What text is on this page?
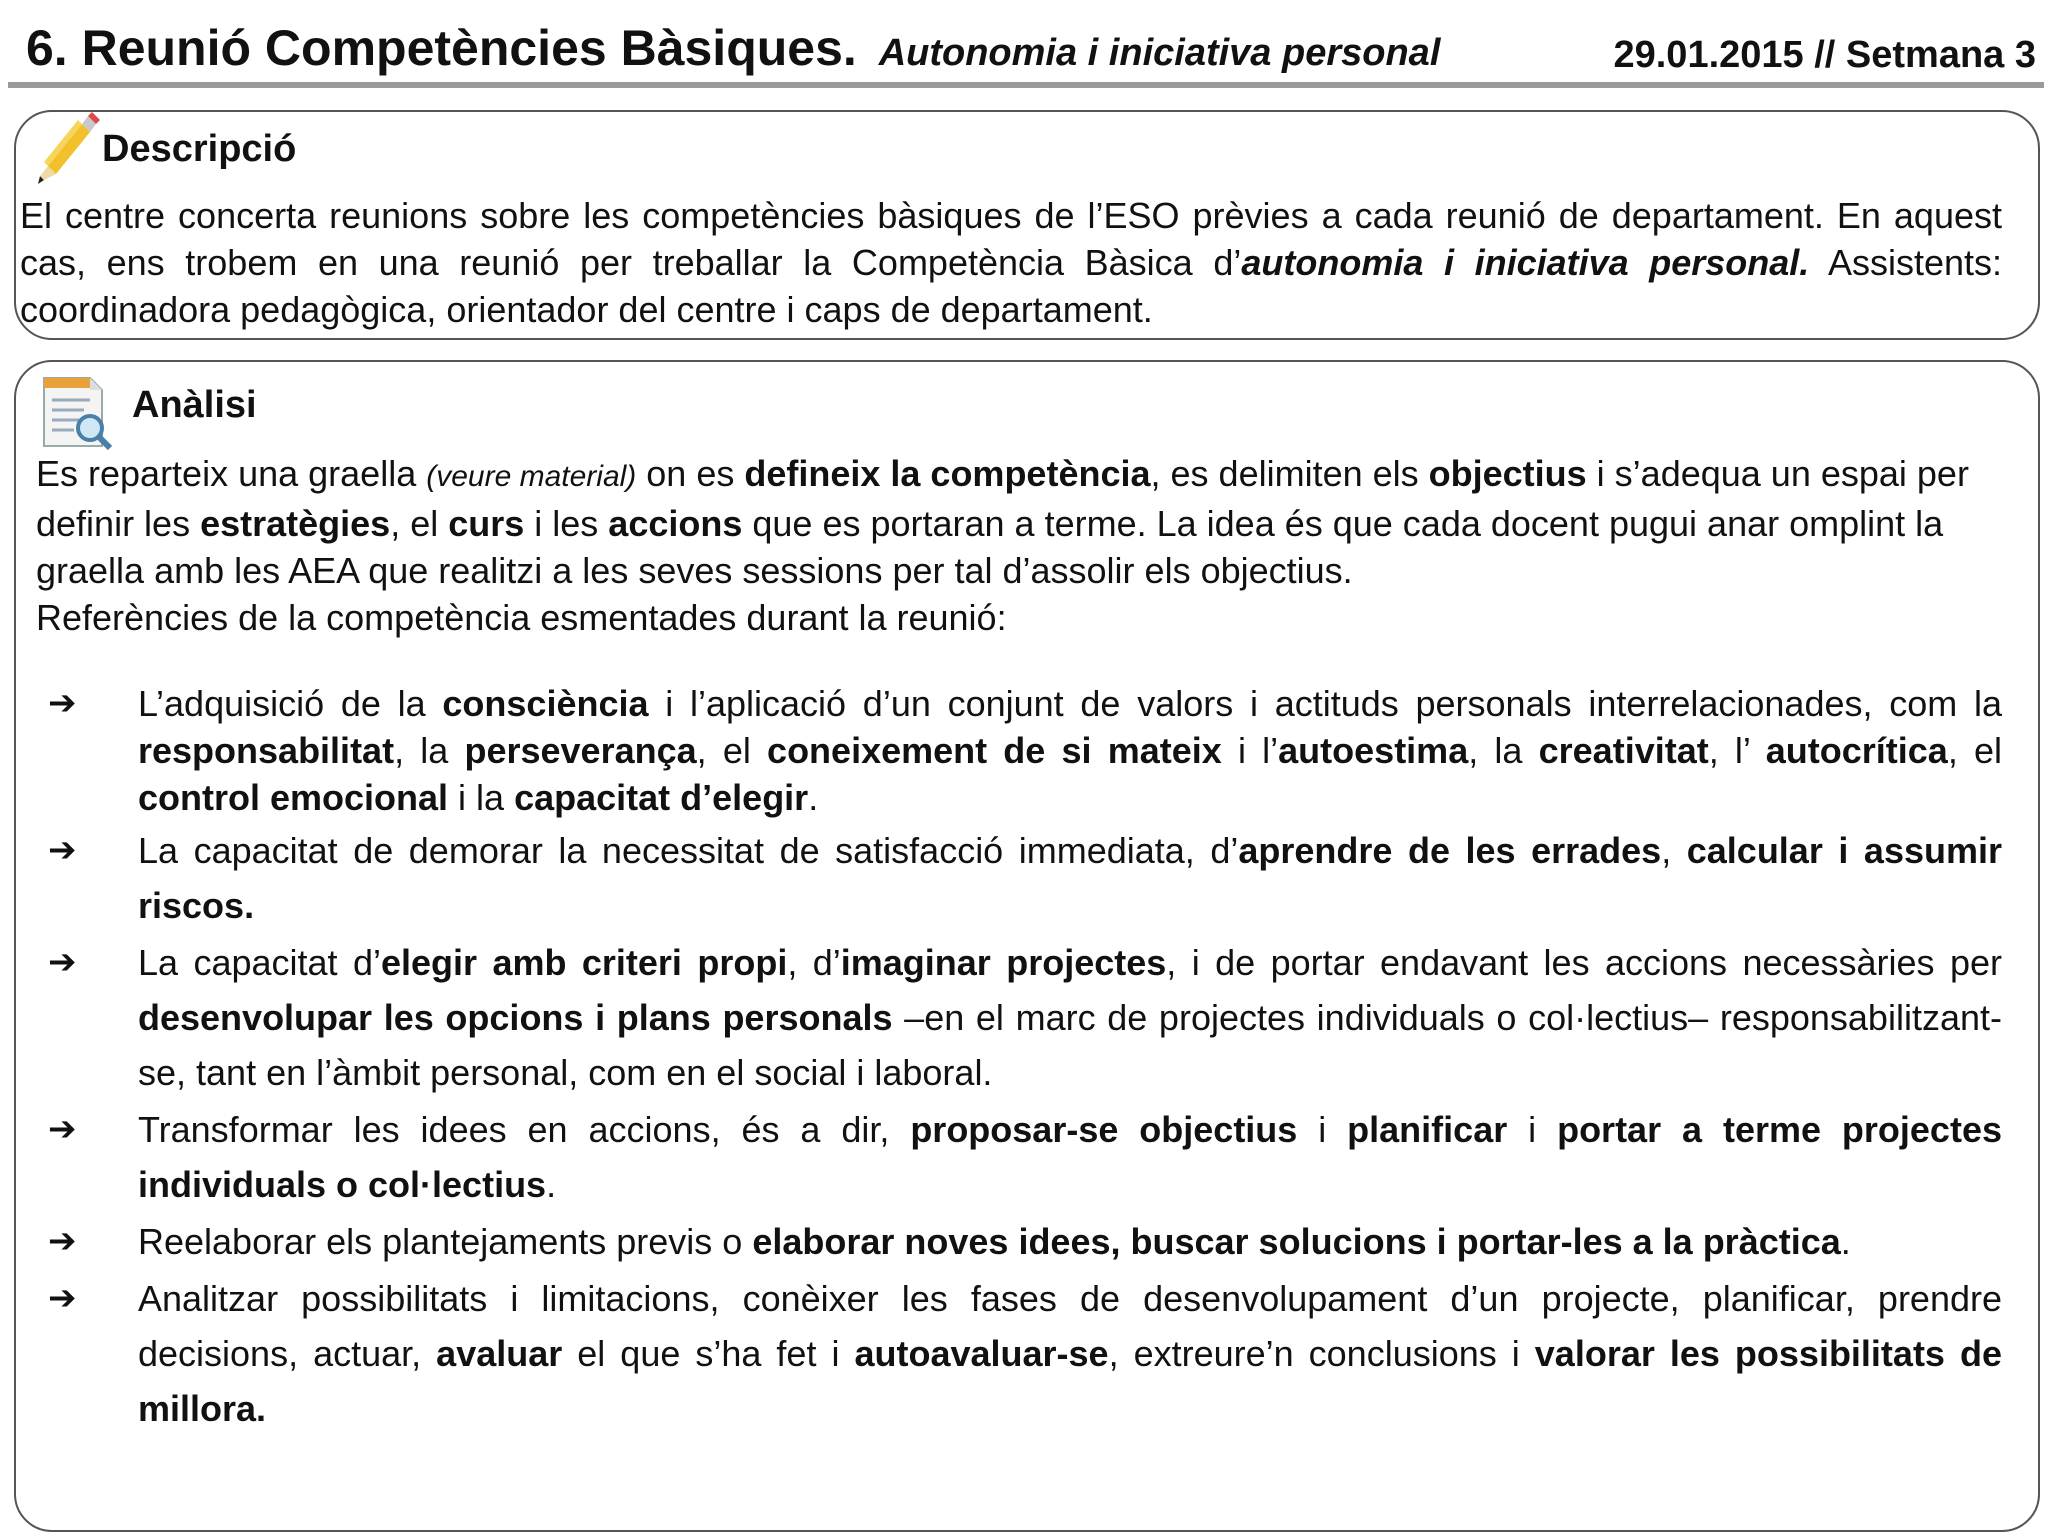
6. Reunió Competències Bàsiques. Autonomia i iniciativa personal	29.01.2015 // Setmana 3
Descripció
El centre concerta reunions sobre les competències bàsiques de l’ESO prèvies a cada reunió de departament. En aquest cas, ens trobem en una reunió per treballar la Competència Bàsica d’autonomia i iniciativa personal. Assistents: coordinadora pedagògica, orientador del centre i caps de departament.
Anàlisi
Es reparteix una graella (veure material) on es defineix la competència, es delimiten els objectius i s’adequa un espai per definir les estratègies, el curs i les accions que es portaran a terme. La idea és que cada docent pugui anar omplint la graella amb les AEA que realitzi a les seves sessions per tal d’assolir els objectius.
Referències de la competència esmentades durant la reunió:
➔ L’adquisició de la consciència i l’aplicació d’un conjunt de valors i actituds personals interrelacionades, com la responsabilitat, la perseverança, el coneixement de si mateix i l’autoestima, la creativitat, l’ autocrítica, el control emocional i la capacitat d’elegir.
➔ La capacitat de demorar la necessitat de satisfacció immediata, d’aprendre de les errades, calcular i assumir riscos.
➔ La capacitat d’elegir amb criteri propi, d’imaginar projectes, i de portar endavant les accions necessàries per desenvolupar les opcions i plans personals –en el marc de projectes individuals o col·lectius– responsabilitzant-se, tant en l’àmbit personal, com en el social i laboral.
➔ Transformar les idees en accions, és a dir, proposar-se objectius i planificar i portar a terme projectes individuals o col·lectius.
➔ Reelaborar els plantejaments previs o elaborar noves idees, buscar solucions i portar-les a la pràctica.
➔ Analitzar possibilitats i limitacions, conèixer les fases de desenvolupament d’un projecte, planificar, prendre decisions, actuar, avaluar el que s’ha fet i autoavaluar-se, extreure’n conclusions i valorar les possibilitats de millora.
